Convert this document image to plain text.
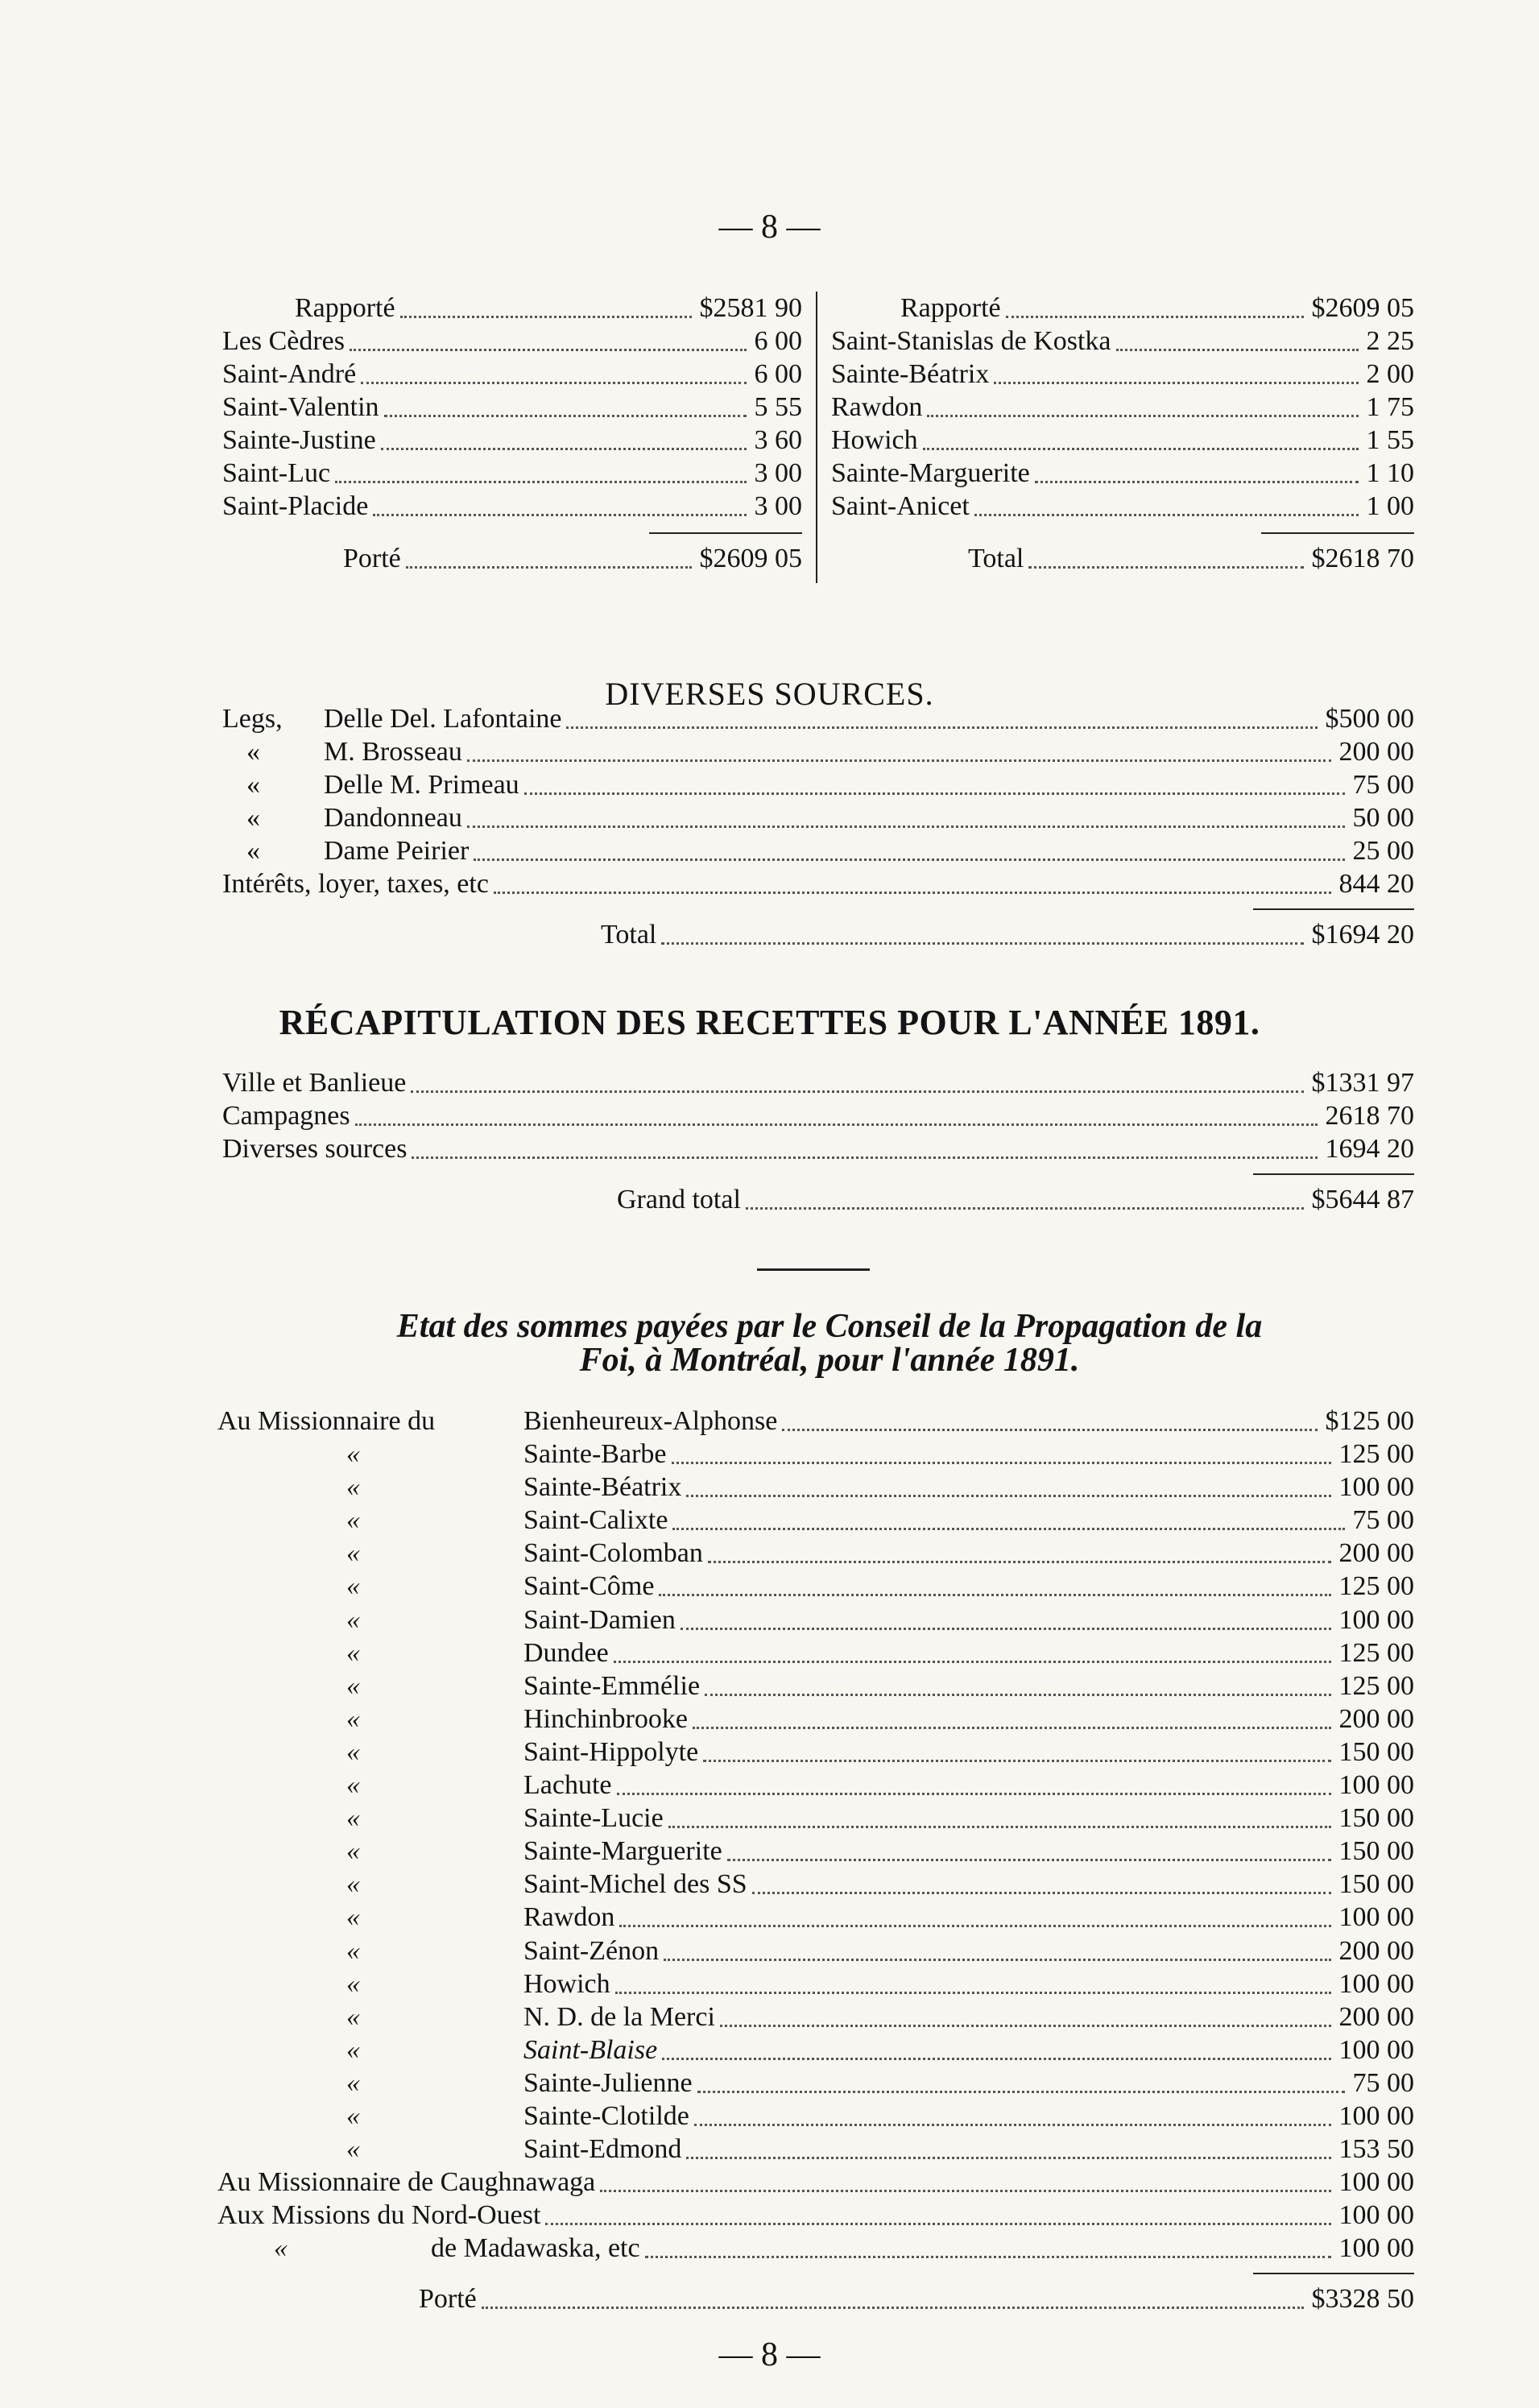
— 8 —
Rapporté	$2581 90
Les Cèdres	6 00
Saint-André	6 00
Saint-Valentin	5 55
Sainte-Justine	3 60
Saint-Luc	3 00
Saint-Placide	3 00
Porté	$2609 05
Rapporté	$2609 05
Saint-Stanislas de Kostka	2 25
Sainte-Béatrix	2 00
Rawdon	1 75
Howich	1 55
Sainte-Marguerite	1 10
Saint-Anicet	1 00
Total	$2618 70
DIVERSES SOURCES.
Legs,	Delle Del. Lafontaine	$500 00
«	M. Brosseau	200 00
«	Delle M. Primeau	75 00
«	Dandonneau	50 00
«	Dame Peirier	25 00
Intérêts, loyer, taxes, etc	844 20
Total	$1694 20
RÉCAPITULATION DES RECETTES POUR L'ANNÉE 1891.
Ville et Banlieue	$1331 97
Campagnes	2618 70
Diverses sources	1694 20
Grand total	$5644 87
Etat des sommes payées par le Conseil de la Propagation de la
Foi, à Montréal, pour l'année 1891.
Au Missionnaire du	Bienheureux-Alphonse	$125 00
«	Sainte-Barbe	125 00
«	Sainte-Béatrix	100 00
«	Saint-Calixte	75 00
«	Saint-Colomban	200 00
«	Saint-Côme	125 00
«	Saint-Damien	100 00
«	Dundee	125 00
«	Sainte-Emmélie	125 00
«	Hinchinbrooke	200 00
«	Saint-Hippolyte	150 00
«	Lachute	100 00
«	Sainte-Lucie	150 00
«	Sainte-Marguerite	150 00
«	Saint-Michel des SS	150 00
«	Rawdon	100 00
«	Saint-Zénon	200 00
«	Howich	100 00
«	N. D. de la Merci	200 00
«	Saint-Blaise	100 00
«	Sainte-Julienne	75 00
«	Sainte-Clotilde	100 00
«	Saint-Edmond	153 50
Au Missionnaire de Caughnawaga	100 00
Aux Missions du Nord-Ouest	100 00
«	de Madawaska, etc	100 00
Porté	$3328 50
— 8 —
